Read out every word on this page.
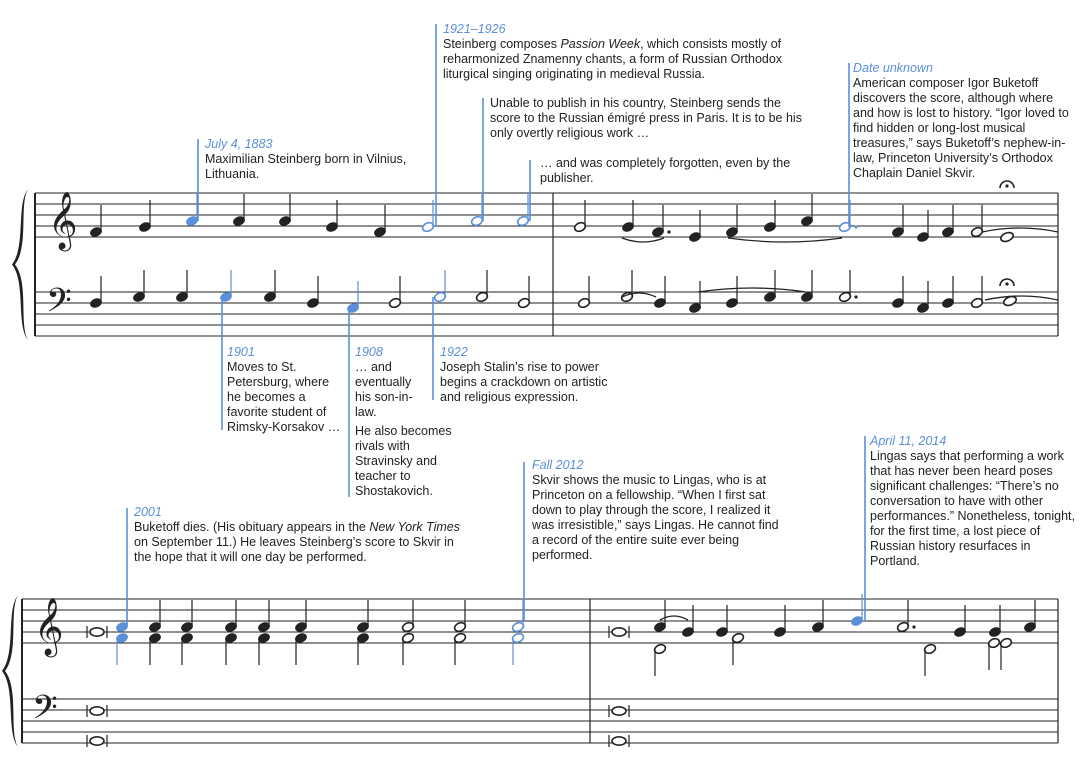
𝄞
𝄢
𝄞
𝄢
July 4, 1883

Maximilian Steinberg born in Vilnius, Lithuania.

1921–1926

Steinberg composes Passion Week, which consists mostly of reharmonized Znamenny chants, a form of Russian Orthodox liturgical singing originating in medieval Russia.

Unable to publish in his country, Steinberg sends the score to the Russian émigré press in Paris. It is to be his only overtly religious work …

… and was completely forgotten, even by the publisher.

Date unknown

American composer Igor Buketoff discovers the score, although where and how is lost to history. “Igor loved to find hidden or long-lost musical treasures,” says Buketoff’s nephew-in-law, Princeton University’s Orthodox Chaplain Daniel Skvir.

1901

Moves to St. Petersburg, where he becomes a favorite student of Rimsky-Korsakov …

1908

… and eventually his son-in-law.

He also becomes rivals with Stravinsky and teacher to Shostakovich.

1922

Joseph Stalin’s rise to power begins a crackdown on artistic and religious expression.

2001

Buketoff dies. (His obituary appears in the New York Times on September 11.) He leaves Steinberg’s score to Skvir in the hope that it will one day be performed.

Fall 2012

Skvir shows the music to Lingas, who is at Princeton on a fellowship. “When I first sat down to play through the score, I realized it was irresistible,” says Lingas. He cannot find a record of the entire suite ever being performed.

April 11, 2014

Lingas says that performing a work that has never been heard poses significant challenges: “There’s no conversation to have with other performances.” Nonetheless, tonight, for the first time, a lost piece of Russian history resurfaces in Portland.
